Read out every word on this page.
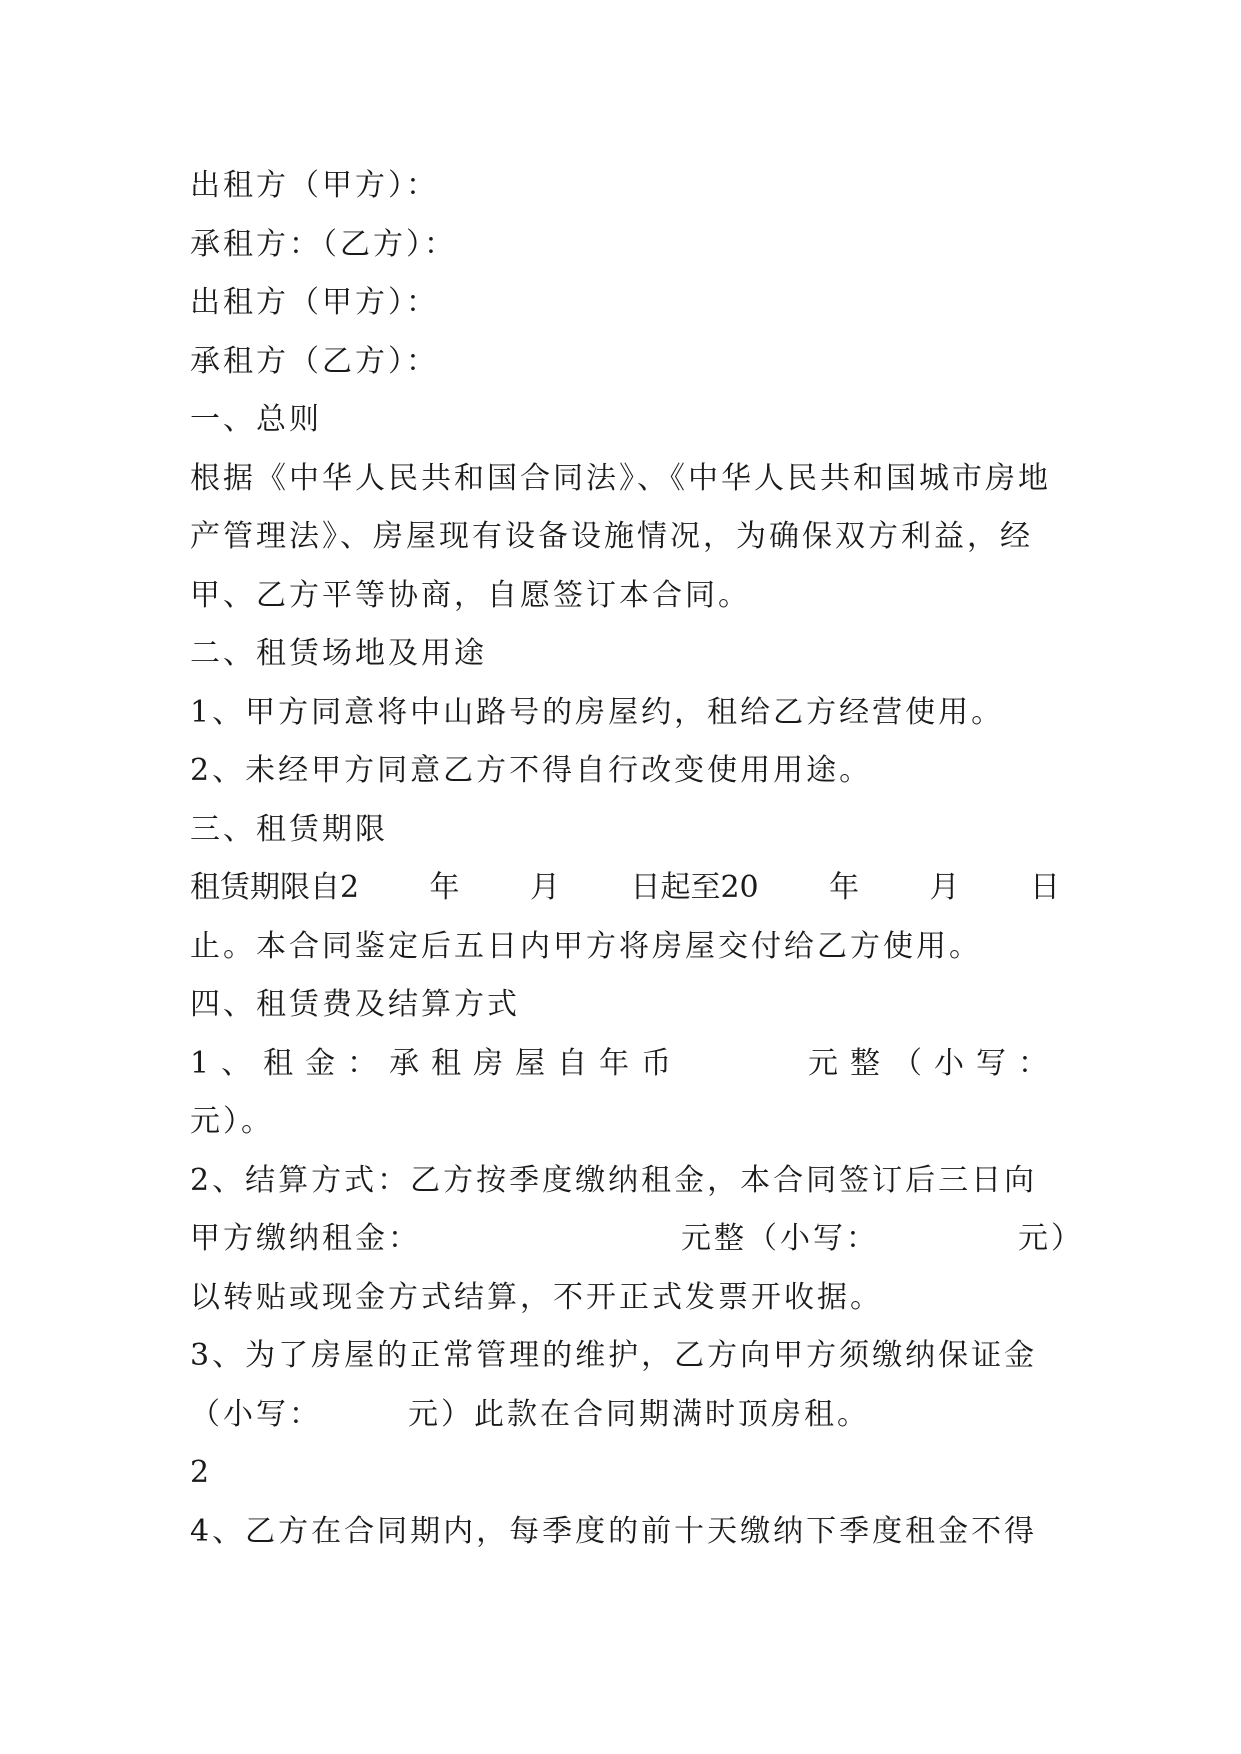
出租方（甲方）：
承租方：（乙方）：
出租方（甲方）：
承租方（乙方）：
一、总则
根据《中华人民共和国合同法》、《中华人民共和国城市房地
产管理法》、房屋现有设备设施情况，为确保双方利益，经
甲、乙方平等协商，自愿签订本合同。
二、租赁场地及用途
1、甲方同意将中山路号的房屋约，租给乙方经营使用。
2、未经甲方同意乙方不得自行改变使用用途。
三、租赁期限
租赁期限自2 年 月 日起至20 年 月 日
止。本合同鉴定后五日内甲方将房屋交付给乙方使用。
四、租赁费及结算方式
1、租金：承租房屋自年币	元整（小写：
元）。
2、结算方式：乙方按季度缴纳租金，本合同签订后三日向
甲方缴纳租金：	元整（小写：	元）
以转贴或现金方式结算，不开正式发票开收据。
3、为了房屋的正常管理的维护，乙方向甲方须缴纳保证金
（小写：	元）此款在合同期满时顶房租。
2
4、乙方在合同期内，每季度的前十天缴纳下季度租金不得
